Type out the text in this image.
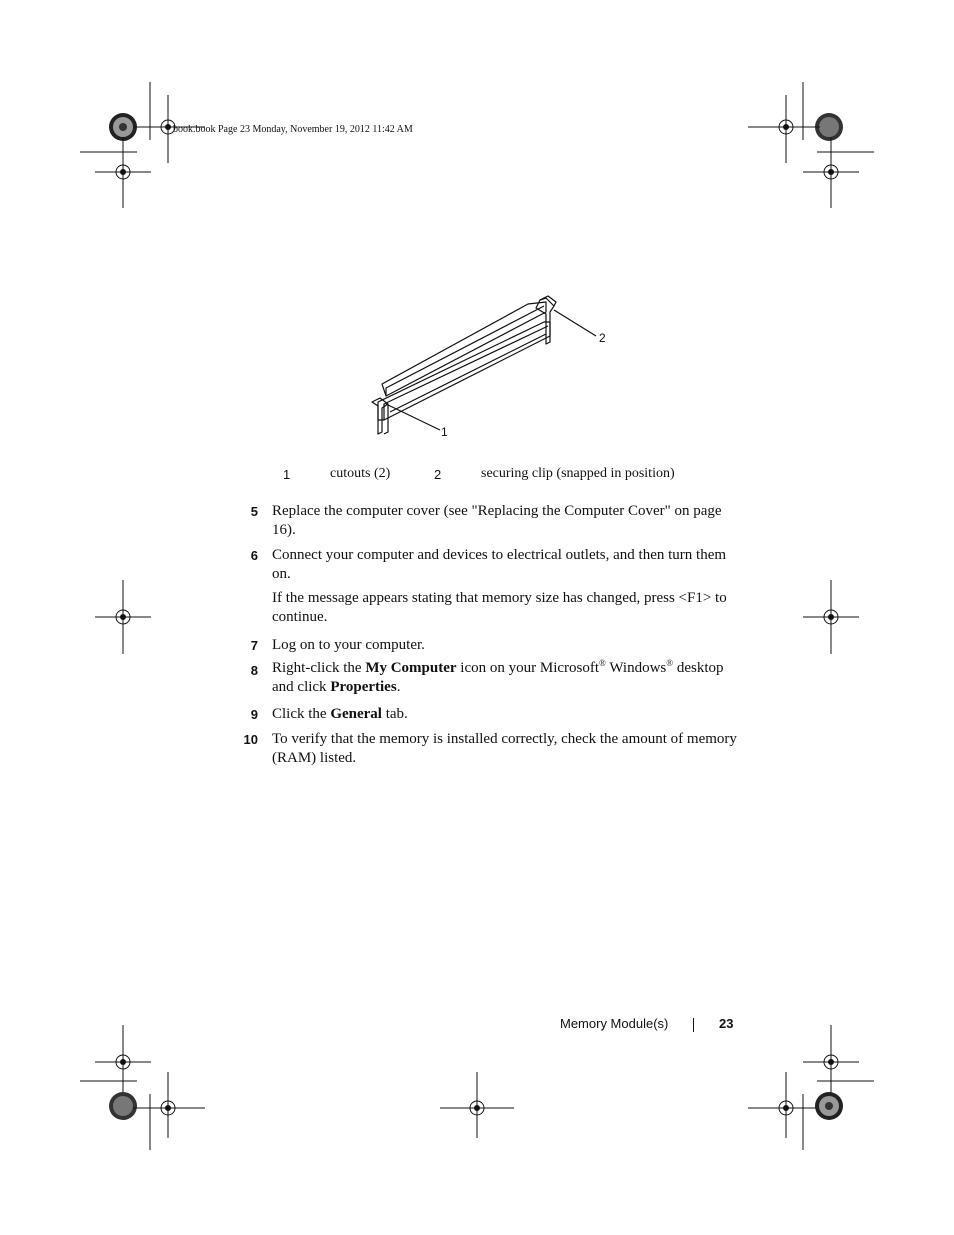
book.book Page 23 Monday, November 19, 2012 11:42 AM
2
1
1	cutouts (2)	2	securing clip (snapped in position)
5 Replace the computer cover (see "Replacing the Computer Cover" on page 16).
6 Connect your computer and devices to electrical outlets, and then turn them on.
If the message appears stating that memory size has changed, press <F1> to continue.
7 Log on to your computer.
8 Right-click the My Computer icon on your Microsoft® Windows® desktop and click Properties.
9 Click the General tab.
10 To verify that the memory is installed correctly, check the amount of memory (RAM) listed.
Memory Module(s)	23
